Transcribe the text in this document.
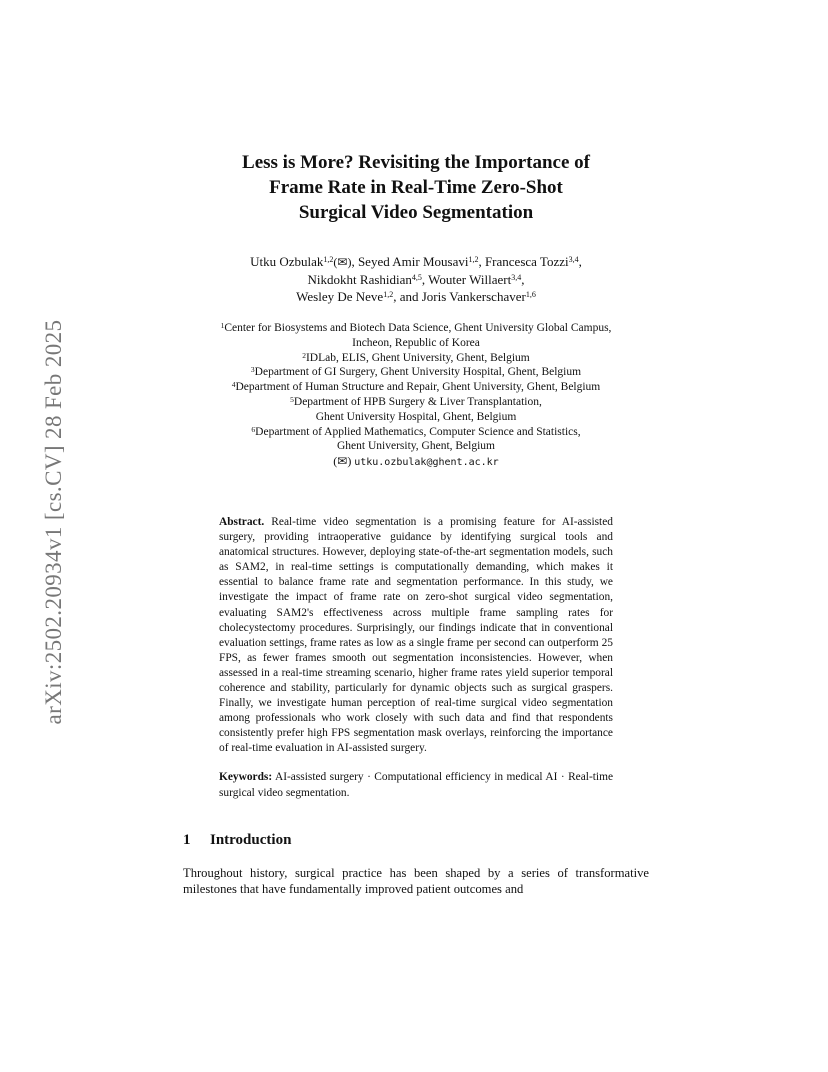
arXiv:2502.20934v1 [cs.CV] 28 Feb 2025
Less is More? Revisiting the Importance of
Frame Rate in Real-Time Zero-Shot
Surgical Video Segmentation
Utku Ozbulak$^{1,2}$(✉), Seyed Amir Mousavi$^{1,2}$, Francesca Tozzi$^{3,4}$,
Nikdokht Rashidian$^{4,5}$, Wouter Willaert$^{3,4}$,
Wesley De Neve$^{1,2}$, and Joris Vankerschaver$^{1,6}$
$^1$Center for Biosystems and Biotech Data Science, Ghent University Global Campus,
Incheon, Republic of Korea
$^2$IDLab, ELIS, Ghent University, Ghent, Belgium
$^3$Department of GI Surgery, Ghent University Hospital, Ghent, Belgium
$^4$Department of Human Structure and Repair, Ghent University, Ghent, Belgium
$^5$Department of HPB Surgery & Liver Transplantation,
Ghent University Hospital, Ghent, Belgium
$^6$Department of Applied Mathematics, Computer Science and Statistics,
Ghent University, Ghent, Belgium
(✉) utku.ozbulak@ghent.ac.kr
Abstract. Real-time video segmentation is a promising feature for AI-assisted surgery, providing intraoperative guidance by identifying surgical tools and anatomical structures. However, deploying state-of-the-art segmentation models, such as SAM2, in real-time settings is computationally demanding, which makes it essential to balance frame rate and segmentation performance. In this study, we investigate the impact of frame rate on zero-shot surgical video segmentation, evaluating SAM2's effectiveness across multiple frame sampling rates for cholecystectomy procedures. Surprisingly, our findings indicate that in conventional evaluation settings, frame rates as low as a single frame per second can outperform 25 FPS, as fewer frames smooth out segmentation inconsistencies. However, when assessed in a real-time streaming scenario, higher frame rates yield superior temporal coherence and stability, particularly for dynamic objects such as surgical graspers. Finally, we investigate human perception of real-time surgical video segmentation among professionals who work closely with such data and find that respondents consistently prefer high FPS segmentation mask overlays, reinforcing the importance of real-time evaluation in AI-assisted surgery.
Keywords: AI-assisted surgery · Computational efficiency in medical AI · Real-time surgical video segmentation.
1 Introduction
Throughout history, surgical practice has been shaped by a series of transformative milestones that have fundamentally improved patient outcomes and
